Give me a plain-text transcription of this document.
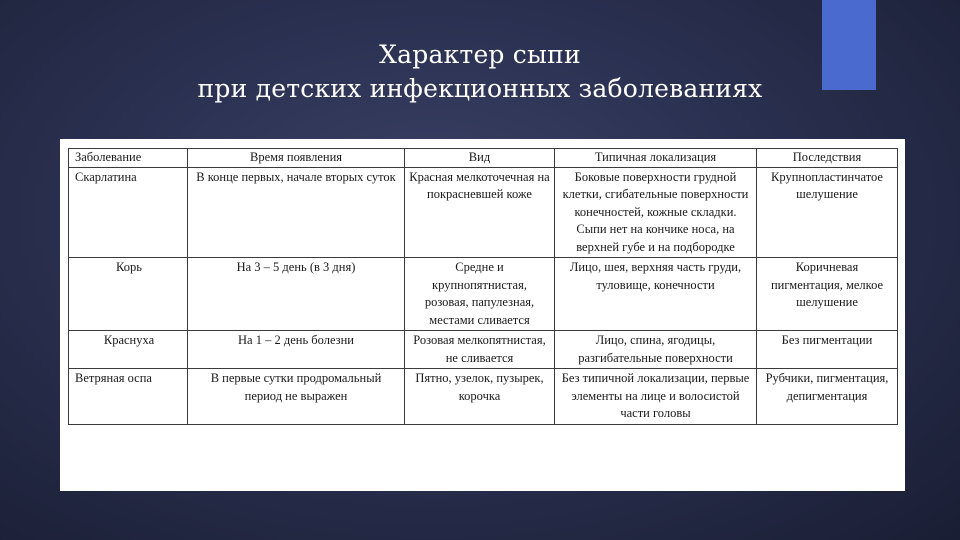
Характер сыпи
при детских инфекционных заболеваниях
Заболевание	Время появления	Вид	Типичная локализация	Последствия
Скарлатина	В конце первых, начале вторых суток	Красная мелкоточечная на покрасневшей коже	Боковые поверхности грудной клетки, сгибательные поверхности конечностей, кожные складки. Сыпи нет на кончике носа, на верхней губе и на подбородке	Крупнопластинчатое шелушение
Корь	На 3 – 5 день (в 3 дня)	Средне и крупнопятнистая, розовая, папулезная, местами сливается	Лицо, шея, верхняя часть груди, туловище, конечности	Коричневая пигментация, мелкое шелушение
Краснуха	На 1 – 2 день болезни	Розовая мелкопятнистая, не сливается	Лицо, спина, ягодицы, разгибательные поверхности	Без пигментации
Ветряная оспа	В первые сутки продромальный период не выражен	Пятно, узелок, пузырек, корочка	Без типичной локализации, первые элементы на лице и волосистой части головы	Рубчики, пигментация, депигментация
